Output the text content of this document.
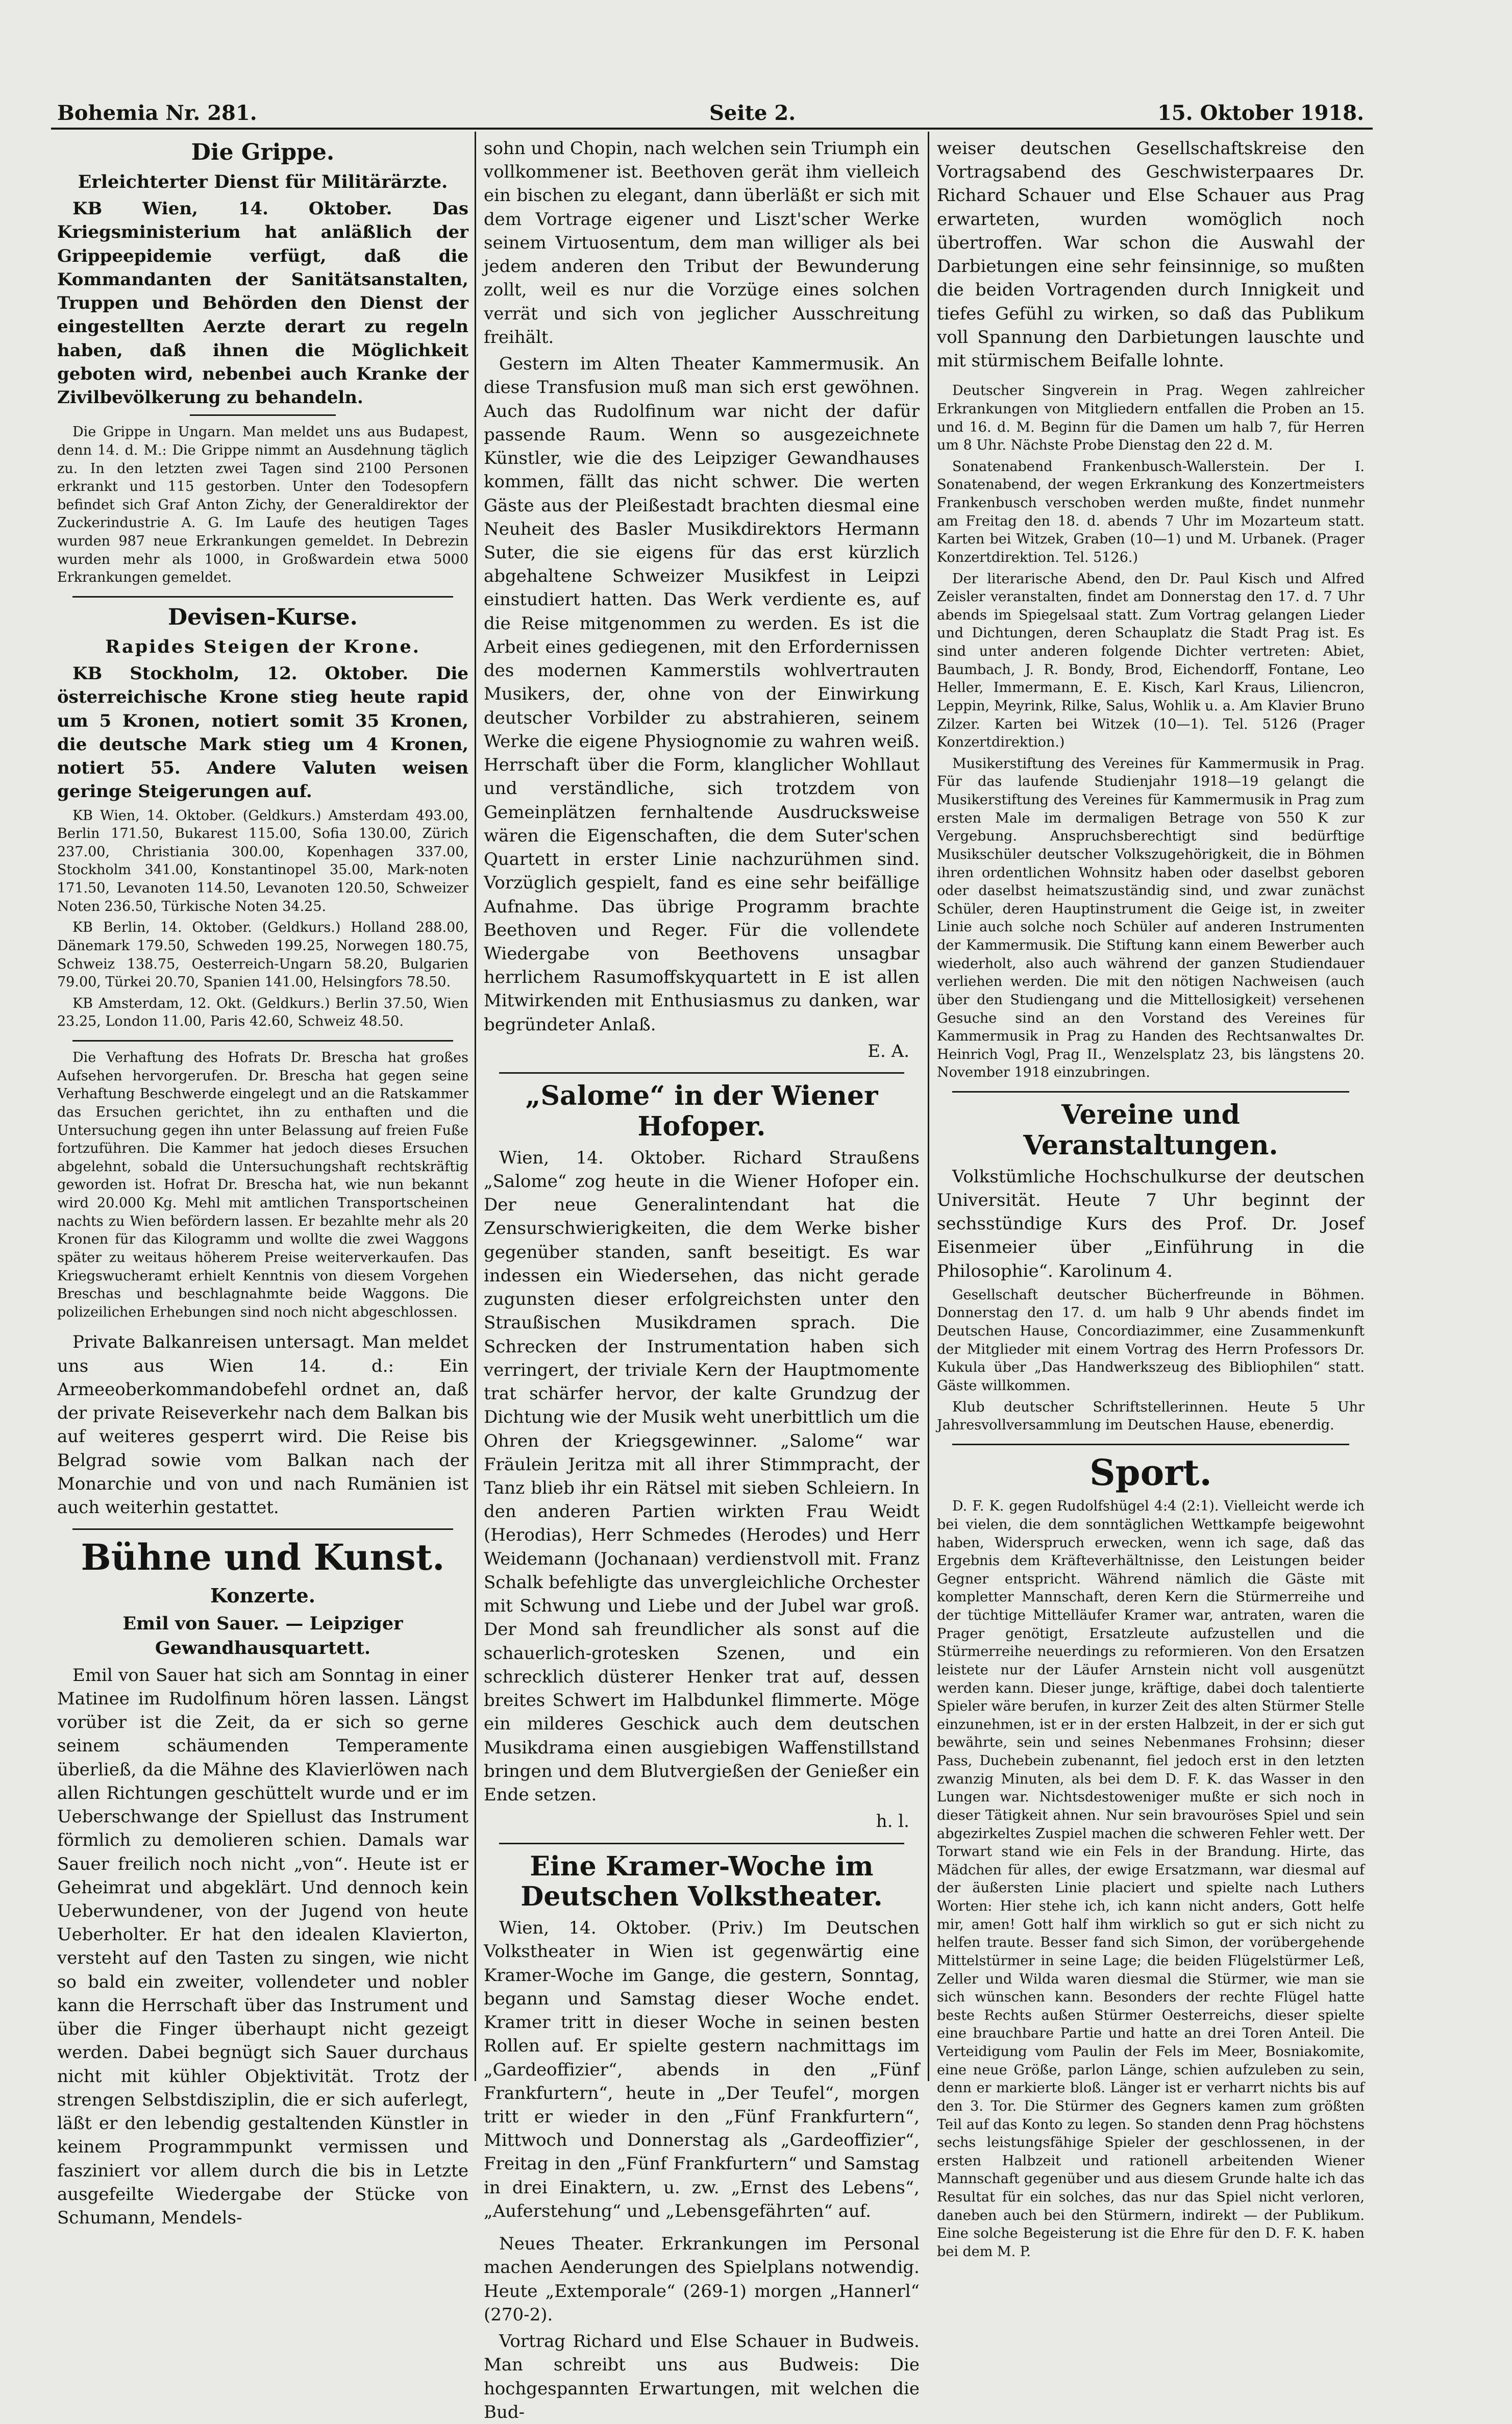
Bohemia Nr. 281.	Seite 2.	15. Oktober 1918.
Die Grippe.
Erleichterter Dienst für Militärärzte.

KB Wien, 14. Oktober. Das Kriegsministerium hat anläßlich der Grippeepidemie verfügt, daß die Kommandanten der Sanitätsanstalten, Truppen und Behörden den Dienst der eingestellten Aerzte derart zu regeln haben, daß ihnen die Möglichkeit geboten wird, nebenbei auch Kranke der Zivilbevölkerung zu behandeln.

Die Grippe in Ungarn. Man meldet uns aus Budapest, denn 14. d. M.: Die Grippe nimmt an Ausdehnung täglich zu. In den letzten zwei Tagen sind 2100 Personen erkrankt und 115 gestorben. Unter den Todesopfern befindet sich Graf Anton Zichy, der Generaldirektor der Zuckerindustrie A. G. Im Laufe des heutigen Tages wurden 987 neue Erkrankungen gemeldet. In Debrezin wurden mehr als 1000, in Großwardein etwa 5000 Erkrankungen gemeldet.

Devisen-Kurse.
Rapides Steigen der Krone.

KB Stockholm, 12. Oktober. Die österreichische Krone stieg heute rapid um 5 Kronen, notiert somit 35 Kronen, die deutsche Mark stieg um 4 Kronen, notiert 55. Andere Valuten weisen geringe Steigerungen auf.

KB Wien, 14. Oktober. (Geldkurs.) Amsterdam 493.00, Berlin 171.50, Bukarest 115.00, Sofia 130.00, Zürich 237.00, Christiania 300.00, Kopenhagen 337.00, Stockholm 341.00, Konstantinopel 35.00, Mark-noten 171.50, Levanoten 114.50, Levanoten 120.50, Schweizer Noten 236.50, Türkische Noten 34.25.

KB Berlin, 14. Oktober. (Geldkurs.) Holland 288.00, Dänemark 179.50, Schweden 199.25, Norwegen 180.75, Schweiz 138.75, Oesterreich-Ungarn 58.20, Bulgarien 79.00, Türkei 20.70, Spanien 141.00, Helsingfors 78.50.

KB Amsterdam, 12. Okt. (Geldkurs.) Berlin 37.50, Wien 23.25, London 11.00, Paris 42.60, Schweiz 48.50.

Die Verhaftung des Hofrats Dr. Brescha hat großes Aufsehen hervorgerufen. Dr. Brescha hat gegen seine Verhaftung Beschwerde eingelegt und an die Ratskammer das Ersuchen gerichtet, ihn zu enthaften und die Untersuchung gegen ihn unter Belassung auf freien Fuße fortzuführen. Die Kammer hat jedoch dieses Ersuchen abgelehnt, sobald die Untersuchungshaft rechtskräftig geworden ist. Hofrat Dr. Brescha hat, wie nun bekannt wird 20.000 Kg. Mehl mit amtlichen Transportscheinen nachts zu Wien befördern lassen. Er bezahlte mehr als 20 Kronen für das Kilogramm und wollte die zwei Waggons später zu weitaus höherem Preise weiterverkaufen. Das Kriegswucheramt erhielt Kenntnis von diesem Vorgehen Breschas und beschlagnahmte beide Waggons. Die polizeilichen Erhebungen sind noch nicht abgeschlossen.

Private Balkanreisen untersagt. Man meldet uns aus Wien 14. d.: Ein Armeeoberkommandobefehl ordnet an, daß der private Reiseverkehr nach dem Balkan bis auf weiteres gesperrt wird. Die Reise bis Belgrad sowie vom Balkan nach der Monarchie und von und nach Rumänien ist auch weiterhin gestattet.

Bühne und Kunst.
Konzerte.
Emil von Sauer. — Leipziger Gewandhausquartett.

Emil von Sauer hat sich am Sonntag in einer Matinee im Rudolfinum hören lassen. Längst vorüber ist die Zeit, da er sich so gerne seinem schäumenden Temperamente überließ, da die Mähne des Klavierlöwen nach allen Richtungen geschüttelt wurde und er im Ueberschwange der Spiellust das Instrument förmlich zu demolieren schien. Damals war Sauer freilich noch nicht „von“. Heute ist er Geheimrat und abgeklärt. Und dennoch kein Ueberwundener, von der Jugend von heute Ueberholter. Er hat den idealen Klavierton, versteht auf den Tasten zu singen, wie nicht so bald ein zweiter, vollendeter und nobler kann die Herrschaft über das Instrument und über die Finger überhaupt nicht gezeigt werden. Dabei begnügt sich Sauer durchaus nicht mit kühler Objektivität. Trotz der strengen Selbstdisziplin, die er sich auferlegt, läßt er den lebendig gestaltenden Künstler in keinem Programmpunkt vermissen und fasziniert vor allem durch die bis in Letzte ausgefeilte Wiedergabe der Stücke von Schumann, Mendels-

sohn und Chopin, nach welchen sein Triumph ein vollkommener ist. Beethoven gerät ihm vielleich ein bischen zu elegant, dann überläßt er sich mit dem Vortrage eigener und Liszt'scher Werke seinem Virtuosentum, dem man williger als bei jedem anderen den Tribut der Bewunderung zollt, weil es nur die Vorzüge eines solchen verrät und sich von jeglicher Ausschreitung freihält.

Gestern im Alten Theater Kammermusik. An diese Transfusion muß man sich erst gewöhnen. Auch das Rudolfinum war nicht der dafür passende Raum. Wenn so ausgezeichnete Künstler, wie die des Leipziger Gewandhauses kommen, fällt das nicht schwer. Die werten Gäste aus der Pleißestadt brachten diesmal eine Neuheit des Basler Musikdirektors Hermann Suter, die sie eigens für das erst kürzlich abgehaltene Schweizer Musikfest in Leipzi einstudiert hatten. Das Werk verdiente es, auf die Reise mitgenommen zu werden. Es ist die Arbeit eines gediegenen, mit den Erfordernissen des modernen Kammerstils wohlvertrauten Musikers, der, ohne von der Einwirkung deutscher Vorbilder zu abstrahieren, seinem Werke die eigene Physiognomie zu wahren weiß. Herrschaft über die Form, klanglicher Wohllaut und verständliche, sich trotzdem von Gemeinplätzen fernhaltende Ausdrucksweise wären die Eigenschaften, die dem Suter'schen Quartett in erster Linie nachzurühmen sind. Vorzüglich gespielt, fand es eine sehr beifällige Aufnahme. Das übrige Programm brachte Beethoven und Reger. Für die vollendete Wiedergabe von Beethovens unsagbar herrlichem Rasumoffskyquartett in E ist allen Mitwirkenden mit Enthusiasmus zu danken, war begründeter Anlaß.

E. A.
„Salome“ in der Wiener Hofoper.

Wien, 14. Oktober. Richard Straußens „Salome“ zog heute in die Wiener Hofoper ein. Der neue Generalintendant hat die Zensurschwierigkeiten, die dem Werke bisher gegenüber standen, sanft beseitigt. Es war indessen ein Wiedersehen, das nicht gerade zugunsten dieser erfolgreichsten unter den Straußischen Musikdramen sprach. Die Schrecken der Instrumentation haben sich verringert, der triviale Kern der Hauptmomente trat schärfer hervor, der kalte Grundzug der Dichtung wie der Musik weht unerbittlich um die Ohren der Kriegsgewinner. „Salome“ war Fräulein Jeritza mit all ihrer Stimmpracht, der Tanz blieb ihr ein Rätsel mit sieben Schleiern. In den anderen Partien wirkten Frau Weidt (Herodias), Herr Schmedes (Herodes) und Herr Weidemann (Jochanaan) verdienstvoll mit. Franz Schalk befehligte das unvergleichliche Orchester mit Schwung und Liebe und der Jubel war groß. Der Mond sah freundlicher als sonst auf die schauerlich-grotesken Szenen, und ein schrecklich düsterer Henker trat auf, dessen breites Schwert im Halbdunkel flimmerte. Möge ein milderes Geschick auch dem deutschen Musikdrama einen ausgiebigen Waffenstillstand bringen und dem Blutvergießen der Genießer ein Ende setzen.

h. l.
Eine Kramer-Woche im Deutschen Volkstheater.

Wien, 14. Oktober. (Priv.) Im Deutschen Volkstheater in Wien ist gegenwärtig eine Kramer-Woche im Gange, die gestern, Sonntag, begann und Samstag dieser Woche endet. Kramer tritt in dieser Woche in seinen besten Rollen auf. Er spielte gestern nachmittags im „Gardeoffizier“, abends in den „Fünf Frankfurtern“, heute in „Der Teufel“, morgen tritt er wieder in den „Fünf Frankfurtern“, Mittwoch und Donnerstag als „Gardeoffizier“, Freitag in den „Fünf Frankfurtern“ und Samstag in drei Einaktern, u. zw. „Ernst des Lebens“, „Auferstehung“ und „Lebensgefährten“ auf.

Neues Theater. Erkrankungen im Personal machen Aenderungen des Spielplans notwendig. Heute „Extemporale“ (269-1) morgen „Hannerl“ (270-2).

Vortrag Richard und Else Schauer in Budweis. Man schreibt uns aus Budweis: Die hochgespannten Erwartungen, mit welchen die Bud-

weiser deutschen Gesellschaftskreise den Vortragsabend des Geschwisterpaares Dr. Richard Schauer und Else Schauer aus Prag erwarteten, wurden womöglich noch übertroffen. War schon die Auswahl der Darbietungen eine sehr feinsinnige, so mußten die beiden Vortragenden durch Innigkeit und tiefes Gefühl zu wirken, so daß das Publikum voll Spannung den Darbietungen lauschte und mit stürmischem Beifalle lohnte.

Deutscher Singverein in Prag. Wegen zahlreicher Erkrankungen von Mitgliedern entfallen die Proben an 15. und 16. d. M. Beginn für die Damen um halb 7, für Herren um 8 Uhr. Nächste Probe Dienstag den 22 d. M.

Sonatenabend Frankenbusch-Wallerstein. Der I. Sonatenabend, der wegen Erkrankung des Konzertmeisters Frankenbusch verschoben werden mußte, findet nunmehr am Freitag den 18. d. abends 7 Uhr im Mozarteum statt. Karten bei Witzek, Graben (10—1) und M. Urbanek. (Prager Konzertdirektion. Tel. 5126.)

Der literarische Abend, den Dr. Paul Kisch und Alfred Zeisler veranstalten, findet am Donnerstag den 17. d. 7 Uhr abends im Spiegelsaal statt. Zum Vortrag gelangen Lieder und Dichtungen, deren Schauplatz die Stadt Prag ist. Es sind unter anderen folgende Dichter vertreten: Abiet, Baumbach, J. R. Bondy, Brod, Eichendorff, Fontane, Leo Heller, Immermann, E. E. Kisch, Karl Kraus, Liliencron, Leppin, Meyrink, Rilke, Salus, Wohlik u. a. Am Klavier Bruno Zilzer. Karten bei Witzek (10—1). Tel. 5126 (Prager Konzertdirektion.)

Musikerstiftung des Vereines für Kammermusik in Prag. Für das laufende Studienjahr 1918—19 gelangt die Musikerstiftung des Vereines für Kammermusik in Prag zum ersten Male im dermaligen Betrage von 550 K zur Vergebung. Anspruchsberechtigt sind bedürftige Musikschüler deutscher Volkszugehörigkeit, die in Böhmen ihren ordentlichen Wohnsitz haben oder daselbst geboren oder daselbst heimatszuständig sind, und zwar zunächst Schüler, deren Hauptinstrument die Geige ist, in zweiter Linie auch solche noch Schüler auf anderen Instrumenten der Kammermusik. Die Stiftung kann einem Bewerber auch wiederholt, also auch während der ganzen Studiendauer verliehen werden. Die mit den nötigen Nachweisen (auch über den Studiengang und die Mittellosigkeit) versehenen Gesuche sind an den Vorstand des Vereines für Kammermusik in Prag zu Handen des Rechtsanwaltes Dr. Heinrich Vogl, Prag II., Wenzelsplatz 23, bis längstens 20. November 1918 einzubringen.

Vereine und Veranstaltungen.

Volkstümliche Hochschulkurse der deutschen Universität. Heute 7 Uhr beginnt der sechsstündige Kurs des Prof. Dr. Josef Eisenmeier über „Einführung in die Philosophie“. Karolinum 4.

Gesellschaft deutscher Bücherfreunde in Böhmen. Donnerstag den 17. d. um halb 9 Uhr abends findet im Deutschen Hause, Concordiazimmer, eine Zusammenkunft der Mitglieder mit einem Vortrag des Herrn Professors Dr. Kukula über „Das Handwerkszeug des Bibliophilen“ statt. Gäste willkommen.

Klub deutscher Schriftstellerinnen. Heute 5 Uhr Jahresvollversammlung im Deutschen Hause, ebenerdig.

Sport.

D. F. K. gegen Rudolfshügel 4:4 (2:1). Vielleicht werde ich bei vielen, die dem sonntäglichen Wettkampfe beigewohnt haben, Widerspruch erwecken, wenn ich sage, daß das Ergebnis dem Kräfteverhältnisse, den Leistungen beider Gegner entspricht. Während nämlich die Gäste mit kompletter Mannschaft, deren Kern die Stürmerreihe und der tüchtige Mittelläufer Kramer war, antraten, waren die Prager genötigt, Ersatzleute aufzustellen und die Stürmerreihe neuerdings zu reformieren. Von den Ersatzen leistete nur der Läufer Arnstein nicht voll ausgenützt werden kann. Dieser junge, kräftige, dabei doch talentierte Spieler wäre berufen, in kurzer Zeit des alten Stürmer Stelle einzunehmen, ist er in der ersten Halbzeit, in der er sich gut bewährte, sein und seines Nebenmanes Frohsinn; dieser Pass, Duchebein zubenannt, fiel jedoch erst in den letzten zwanzig Minuten, als bei dem D. F. K. das Wasser in den Lungen war. Nichtsdestoweniger mußte er sich noch in dieser Tätigkeit ahnen. Nur sein bravouröses Spiel und sein abgezirkeltes Zuspiel machen die schweren Fehler wett. Der Torwart stand wie ein Fels in der Brandung. Hirte, das Mädchen für alles, der ewige Ersatzmann, war diesmal auf der äußersten Linie placiert und spielte nach Luthers Worten: Hier stehe ich, ich kann nicht anders, Gott helfe mir, amen! Gott half ihm wirklich so gut er sich nicht zu helfen traute. Besser fand sich Simon, der vorübergehende Mittelstürmer in seine Lage; die beiden Flügelstürmer Leß, Zeller und Wilda waren diesmal die Stürmer, wie man sie sich wünschen kann. Besonders der rechte Flügel hatte beste Rechts außen Stürmer Oesterreichs, dieser spielte eine brauchbare Partie und hatte an drei Toren Anteil. Die Verteidigung vom Paulin der Fels im Meer, Bosniakomite, eine neue Größe, parlon Länge, schien aufzuleben zu sein, denn er markierte bloß. Länger ist er verharrt nichts bis auf den 3. Tor. Die Stürmer des Gegners kamen zum größten Teil auf das Konto zu legen. So standen denn Prag höchstens sechs leistungsfähige Spieler der geschlossenen, in der ersten Halbzeit und rationell arbeitenden Wiener Mannschaft gegenüber und aus diesem Grunde halte ich das Resultat für ein solches, das nur das Spiel nicht verloren, daneben auch bei den Stürmern, indirekt — der Publikum. Eine solche Begeisterung ist die Ehre für den D. F. K. haben bei dem M. P.
